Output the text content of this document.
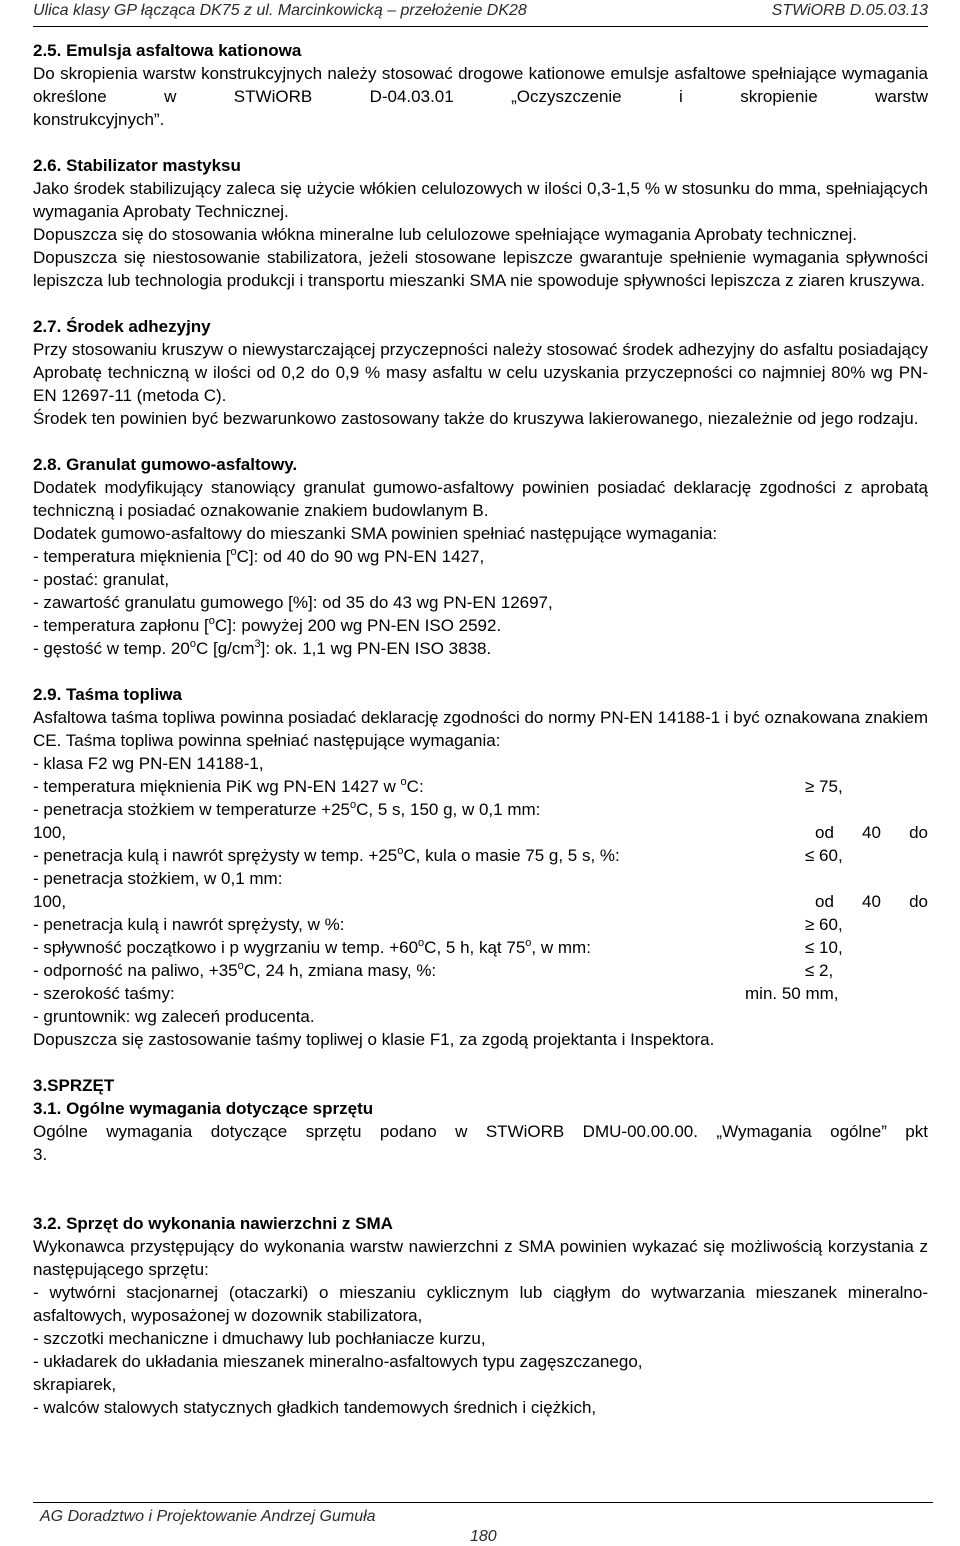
Ulica klasy GP łącząca DK75 z ul. Marcinkowicką – przełożenie DK28	STWiORB D.05.03.13

2.5. Emulsja asfaltowa kationowa

Do skropienia warstw konstrukcyjnych należy stosować drogowe kationowe emulsje asfaltowe spełniające wymagania określone w STWiORB D-04.03.01 „Oczyszczenie i skropienie warstw

konstrukcyjnych”.

2.6. Stabilizator mastyksu

Jako środek stabilizujący zaleca się użycie włókien celulozowych w ilości 0,3-1,5 % w stosunku do mma, spełniających wymagania Aprobaty Technicznej.

Dopuszcza się do stosowania włókna mineralne lub celulozowe spełniające wymagania Aprobaty technicznej.

Dopuszcza się niestosowanie stabilizatora, jeżeli stosowane lepiszcze gwarantuje spełnienie wymagania spływności lepiszcza lub technologia produkcji i transportu mieszanki SMA nie spowoduje spływności lepiszcza z ziaren kruszywa.

2.7. Środek adhezyjny

Przy stosowaniu kruszyw o niewystarczającej przyczepności należy stosować środek adhezyjny do asfaltu posiadający Aprobatę techniczną w ilości od 0,2 do 0,9 % masy asfaltu w celu uzyskania przyczepności co najmniej 80% wg PN-EN 12697-11 (metoda C).

Środek ten powinien być bezwarunkowo zastosowany także do kruszywa lakierowanego, niezależnie od jego rodzaju.

2.8. Granulat gumowo-asfaltowy.

Dodatek modyfikujący stanowiący granulat gumowo-asfaltowy powinien posiadać deklarację zgodności z aprobatą techniczną i posiadać oznakowanie znakiem budowlanym B.

Dodatek gumowo-asfaltowy do mieszanki SMA powinien spełniać następujące wymagania:

- temperatura mięknienia [$^o$C]: od 40 do 90 wg PN-EN 1427,

- postać: granulat,

- zawartość granulatu gumowego [%]: od 35 do 43 wg PN-EN 12697,

- temperatura zapłonu [$^o$C]: powyżej 200 wg PN-EN ISO 2592.

- gęstość w temp. 20$^o$C $[g/cm^3]$: ok. 1,1 wg PN-EN ISO 3838.

2.9. Taśma topliwa

Asfaltowa taśma topliwa powinna posiadać deklarację zgodności do normy PN-EN 14188-1 i być oznakowana znakiem CE. Taśma topliwa powinna spełniać następujące wymagania:

- klasa F2 wg PN-EN 14188-1,
- temperatura mięknienia PiK wg PN-EN 1427 w $^o$C:	≥ 75,
- penetracja stożkiem w temperaturze $+25^oC$, 5 s, 150 g, w 0,1 mm:
od 40 do
100,
- penetracja kulą i nawrót sprężysty w temp. $+25^oC$, kula o masie 75 g, 5 s, %:	≤ 60,
- penetracja stożkiem, w 0,1 mm:
od 40 do
100,
- penetracja kulą i nawrót sprężysty, w %:	≥ 60,
- spływność początkowo i p wygrzaniu w temp. $+60^oC$, 5 h, kąt 75$^o$, w mm:	≤ 10,
- odporność na paliwo, $+35^oC$, 24 h, zmiana masy, %:	≤ 2,
- szerokość taśmy:	min. 50 mm,
- gruntownik: wg zaleceń producenta.

Dopuszcza się zastosowanie taśmy topliwej o klasie F1, za zgodą projektanta i Inspektora.

3.SPRZĘT

3.1. Ogólne wymagania dotyczące sprzętu

Ogólne wymagania dotyczące sprzętu podano w STWiORB DMU-00.00.00. „Wymagania ogólne” pkt

3.

3.2. Sprzęt do wykonania nawierzchni z SMA

Wykonawca przystępujący do wykonania warstw nawierzchni z SMA powinien wykazać się możliwością korzystania z następującego sprzętu:

- wytwórni stacjonarnej (otaczarki) o mieszaniu cyklicznym lub ciągłym do wytwarzania mieszanek mineralno-asfaltowych, wyposażonej w dozownik stabilizatora,

- szczotki mechaniczne i dmuchawy lub pochłaniacze kurzu,

- układarek do układania mieszanek mineralno-asfaltowych typu zagęszczanego,

skrapiarek,

- walców stalowych statycznych gładkich tandemowych średnich i ciężkich,

AG Doradztwo i Projektowanie Andrzej Gumuła
180
